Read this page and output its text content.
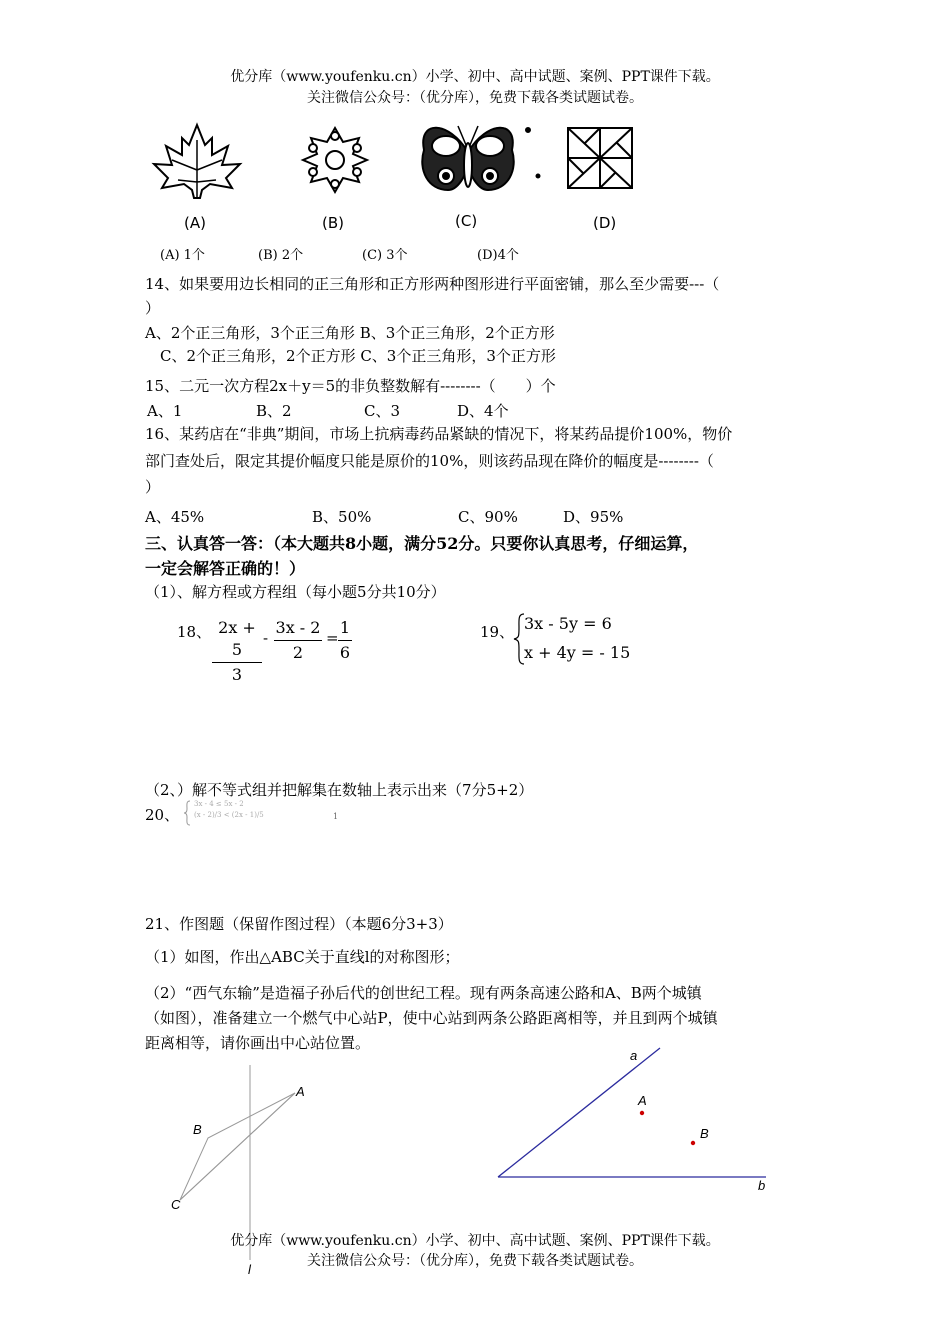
优分库（www.youfenku.cn）小学、初中、高中试题、案例、PPT课件下载。
关注微信公众号：（优分库），免费下载各类试题试卷。
(A)	(B)	(C)	(D)
(A) 1个	(B) 2个	(C) 3个	(D)4个
14、如果要用边长相同的正三角形和正方形两种图形进行平面密铺，那么至少需要---（
）
A、2个正三角形，3个正三角形 B、3个正三角形，2个正方形
C、2个正三角形，2个正方形 C、3个正三角形，3个正方形
15、二元一次方程2x＋y＝5的非负整数解有--------（　　）个
A、1	B、2	C、3	D、4个
16、某药店在“非典”期间，市场上抗病毒药品紧缺的情况下，将某药品提价100%，物价
部门查处后，限定其提价幅度只能是原价的10%，则该药品现在降价的幅度是--------（
）
A、45%	B、50%	C、90%	D、95%
三、认真答一答：（本大题共8小题，满分52分。只要你认真思考，仔细运算，
一定会解答正确的！）
（1）、解方程或方程组（每小题5分共10分）
18、 2x + 5
3
-
3x - 2
2
=
1
6
19、 3x - 5y = 6
x + 4y = - 15
（2、）解不等式组并把解集在数轴上表示出来（7分5+2）
20、
3x - 4 ≤ 5x - 2
(x - 2)/3 < (2x - 1)/5	1
21、作图题（保留作图过程）（本题6分3+3）
（1）如图，作出△ABC关于直线l的对称图形；
（2）“西气东输”是造福子孙后代的创世纪工程。现有两条高速公路和A、B两个城镇
（如图），准备建立一个燃气中心站P，使中心站到两条公路距离相等，并且到两个城镇
距离相等，请你画出中心站位置。
A
B
C
l
a
b
A
B
优分库（www.youfenku.cn）小学、初中、高中试题、案例、PPT课件下载。
关注微信公众号：（优分库），免费下载各类试题试卷。
